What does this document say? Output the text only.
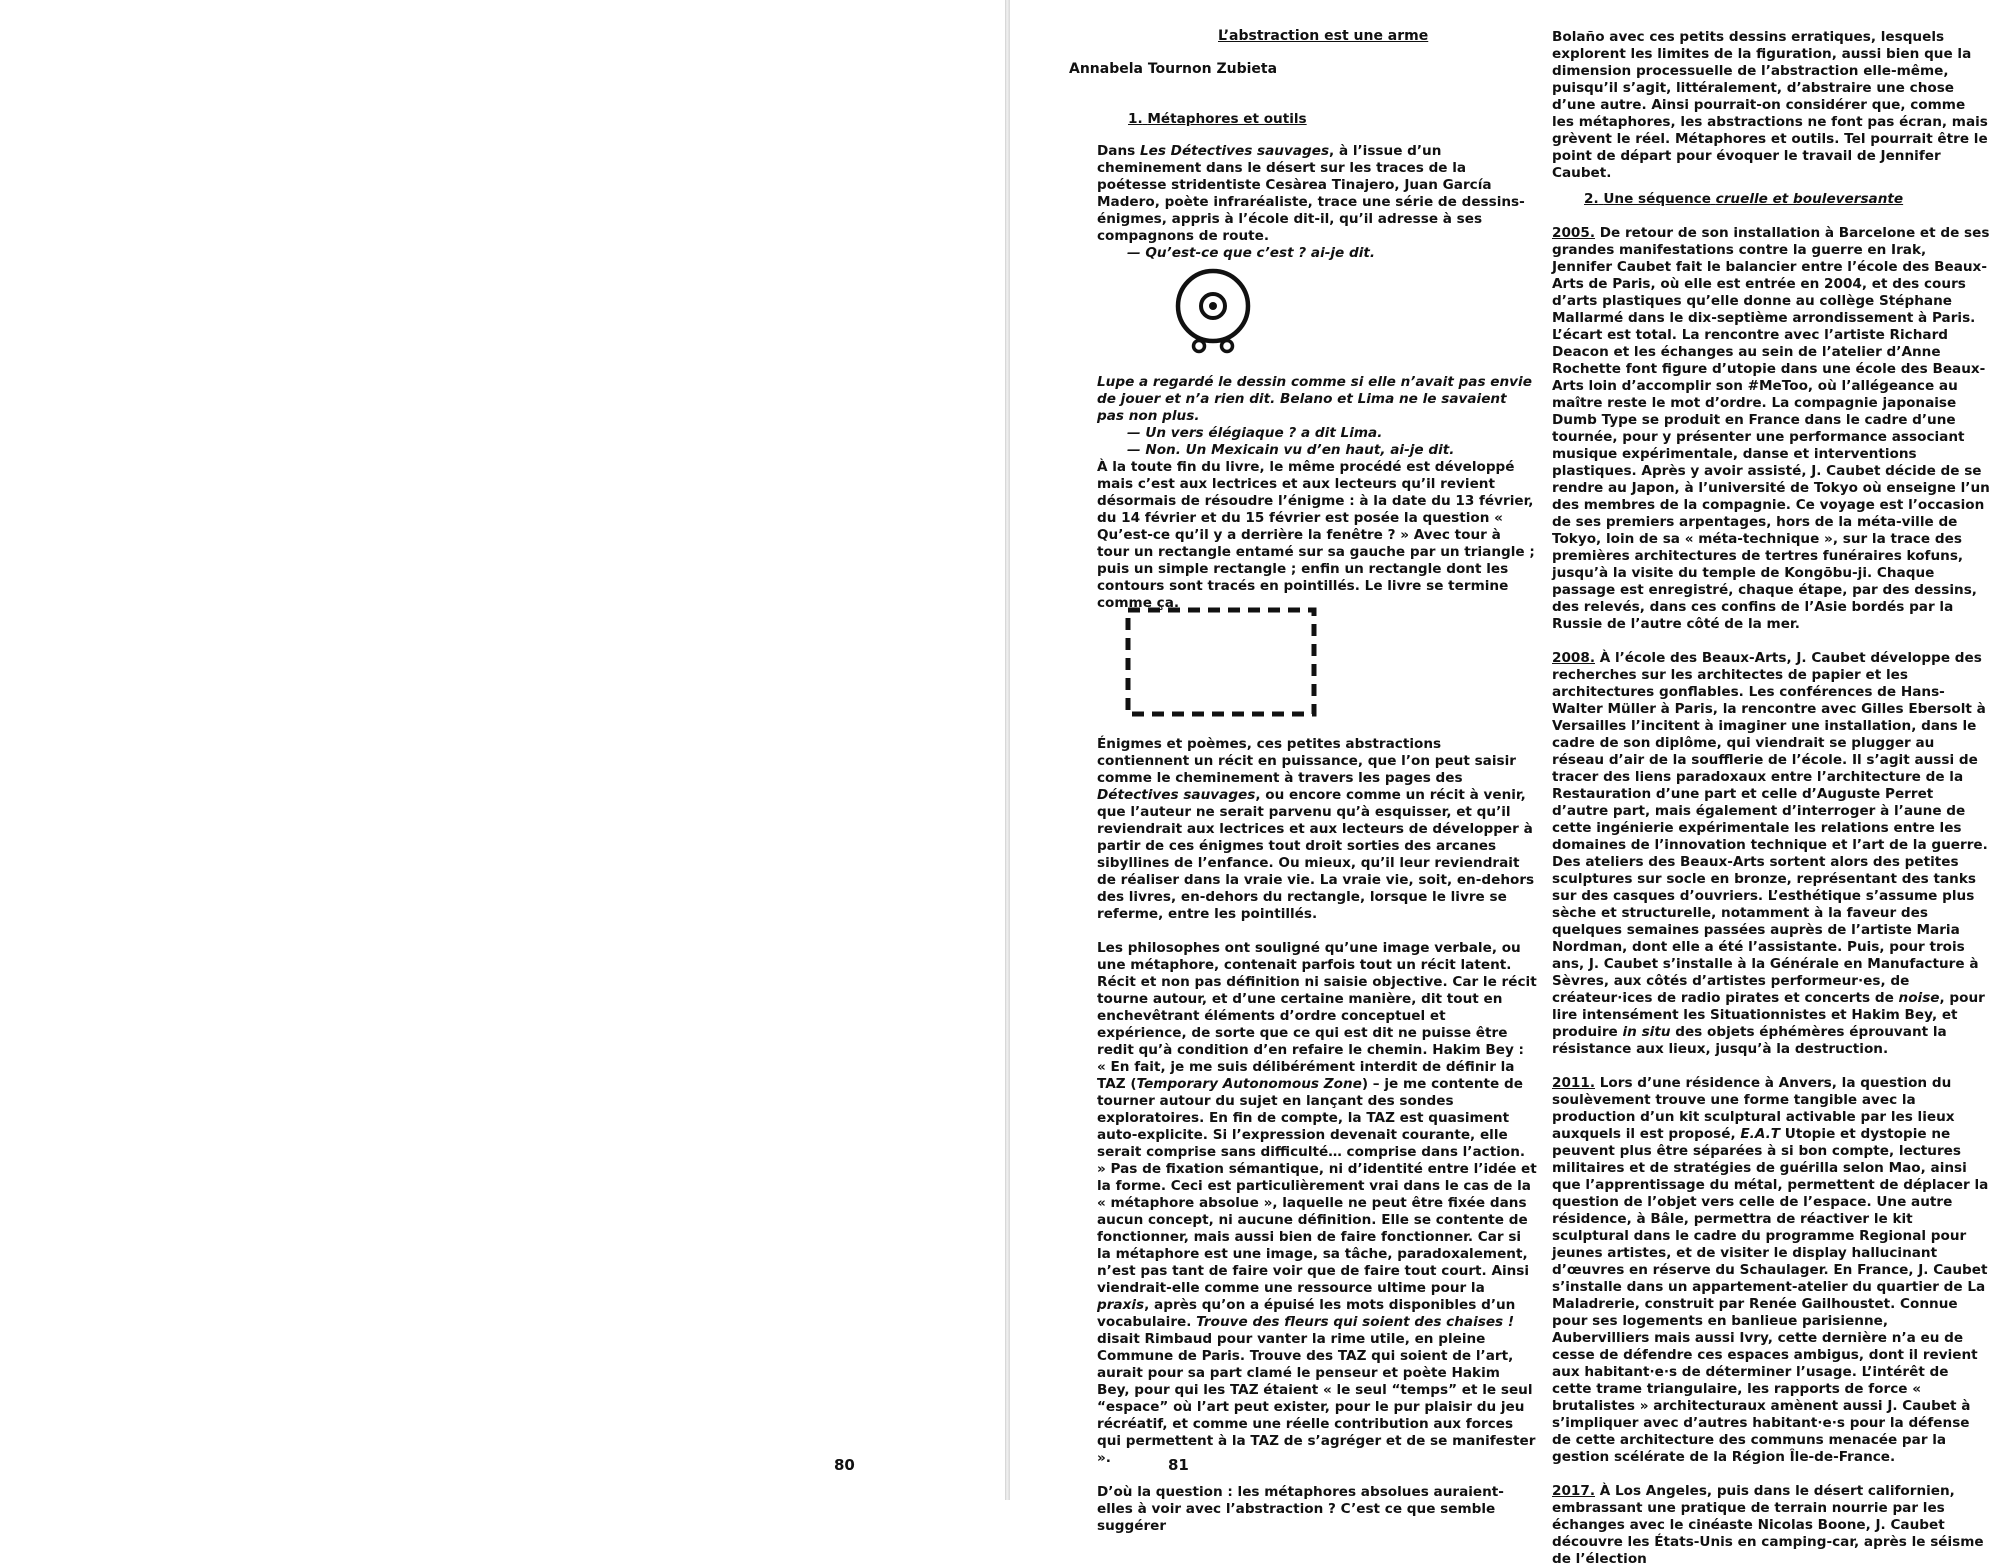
80	81
L’abstraction est une arme
Annabela Tournon Zubieta
1. Métaphores et outils

Dans Les Détectives sauvages, à l’issue d’un cheminement dans le désert sur les traces de la poétesse stridentiste Cesàrea Tinajero, Juan García Madero, poète infraréaliste, trace une série de dessins-énigmes, appris à l’école dit-il, qu’il adresse à ses compagnons de route.

— Qu’est-ce que c’est ? ai-je dit.

Lupe a regardé le dessin comme si elle n’avait pas envie de jouer et n’a rien dit. Belano et Lima ne le savaient pas non plus.

— Un vers élégiaque ? a dit Lima.

— Non. Un Mexicain vu d’en haut, ai-je dit.

À la toute fin du livre, le même procédé est développé mais c’est aux lectrices et aux lecteurs qu’il revient désormais de résoudre l’énigme : à la date du 13 février, du 14 février et du 15 février est posée la question « Qu’est-ce qu’il y a derrière la fenêtre ? » Avec tour à tour un rectangle entamé sur sa gauche par un triangle ; puis un simple rectangle ; enfin un rectangle dont les contours sont tracés en pointillés. Le livre se termine comme ça.

Énigmes et poèmes, ces petites abstractions contiennent un récit en puissance, que l’on peut saisir comme le cheminement à travers les pages des Détectives sauvages, ou encore comme un récit à venir, que l’auteur ne serait parvenu qu’à esquisser, et qu’il reviendrait aux lectrices et aux lecteurs de développer à partir de ces énigmes tout droit sorties des arcanes sibyllines de l’enfance. Ou mieux, qu’il leur reviendrait de réaliser dans la vraie vie. La vraie vie, soit, en-dehors des livres, en-dehors du rectangle, lorsque le livre se referme, entre les pointillés.

Les philosophes ont souligné qu’une image verbale, ou une métaphore, contenait parfois tout un récit latent. Récit et non pas définition ni saisie objective. Car le récit tourne autour, et d’une certaine manière, dit tout en enchevêtrant éléments d’ordre conceptuel et expérience, de sorte que ce qui est dit ne puisse être redit qu’à condition d’en refaire le chemin. Hakim Bey : « En fait, je me suis délibérément interdit de définir la TAZ (Temporary Autonomous Zone) – je me contente de tourner autour du sujet en lançant des sondes exploratoires. En fin de compte, la TAZ est quasiment auto-explicite. Si l’expression devenait courante, elle serait comprise sans difficulté… comprise dans l’action. » Pas de fixation sémantique, ni d’identité entre l’idée et la forme. Ceci est particulièrement vrai dans le cas de la « métaphore absolue », laquelle ne peut être fixée dans aucun concept, ni aucune définition. Elle se contente de fonctionner, mais aussi bien de faire fonctionner. Car si la métaphore est une image, sa tâche, paradoxalement, n’est pas tant de faire voir que de faire tout court. Ainsi viendrait-elle comme une ressource ultime pour la praxis, après qu’on a épuisé les mots disponibles d’un vocabulaire. Trouve des fleurs qui soient des chaises ! disait Rimbaud pour vanter la rime utile, en pleine Commune de Paris. Trouve des TAZ qui soient de l’art, aurait pour sa part clamé le penseur et poète Hakim Bey, pour qui les TAZ étaient « le seul “temps” et le seul “espace” où l’art peut exister, pour le pur plaisir du jeu récréatif, et comme une réelle contribution aux forces qui permettent à la TAZ de s’agréger et de se manifester ».

D’où la question : les métaphores absolues auraient-elles à voir avec l’abstraction ? C’est ce que semble suggérer

Bolaño avec ces petits dessins erratiques, lesquels explorent les limites de la figuration, aussi bien que la dimension processuelle de l’abstraction elle-même, puisqu’il s’agit, littéralement, d’abstraire une chose d’une autre. Ainsi pourrait-on considérer que, comme les métaphores, les abstractions ne font pas écran, mais grèvent le réel. Métaphores et outils. Tel pourrait être le point de départ pour évoquer le travail de Jennifer Caubet.

2. Une séquence cruelle et bouleversante

2005. De retour de son installation à Barcelone et de ses grandes manifestations contre la guerre en Irak, Jennifer Caubet fait le balancier entre l’école des Beaux-Arts de Paris, où elle est entrée en 2004, et des cours d’arts plastiques qu’elle donne au collège Stéphane Mallarmé dans le dix-septième arrondissement à Paris. L’écart est total. La rencontre avec l’artiste Richard Deacon et les échanges au sein de l’atelier d’Anne Rochette font figure d’utopie dans une école des Beaux-Arts loin d’accomplir son #MeToo, où l’allégeance au maître reste le mot d’ordre. La compagnie japonaise Dumb Type se produit en France dans le cadre d’une tournée, pour y présenter une performance associant musique expérimentale, danse et interventions plastiques. Après y avoir assisté, J. Caubet décide de se rendre au Japon, à l’université de Tokyo où enseigne l’un des membres de la compagnie. Ce voyage est l’occasion de ses premiers arpentages, hors de la méta-ville de Tokyo, loin de sa « méta-technique », sur la trace des premières architectures de tertres funéraires kofuns, jusqu’à la visite du temple de Kongōbu-ji. Chaque passage est enregistré, chaque étape, par des dessins, des relevés, dans ces confins de l’Asie bordés par la Russie de l’autre côté de la mer.

2008. À l’école des Beaux-Arts, J. Caubet développe des recherches sur les architectes de papier et les architectures gonflables. Les conférences de Hans-Walter Müller à Paris, la rencontre avec Gilles Ebersolt à Versailles l’incitent à imaginer une installation, dans le cadre de son diplôme, qui viendrait se plugger au réseau d’air de la soufflerie de l’école. Il s’agit aussi de tracer des liens paradoxaux entre l’architecture de la Restauration d’une part et celle d’Auguste Perret d’autre part, mais également d’interroger à l’aune de cette ingénierie expérimentale les relations entre les domaines de l’innovation technique et l’art de la guerre. Des ateliers des Beaux-Arts sortent alors des petites sculptures sur socle en bronze, représentant des tanks sur des casques d’ouvriers. L’esthétique s’assume plus sèche et structurelle, notamment à la faveur des quelques semaines passées auprès de l’artiste Maria Nordman, dont elle a été l’assistante. Puis, pour trois ans, J. Caubet s’installe à la Générale en Manufacture à Sèvres, aux côtés d’artistes performeur·es, de créateur·ices de radio pirates et concerts de noise, pour lire intensément les Situationnistes et Hakim Bey, et produire in situ des objets éphémères éprouvant la résistance aux lieux, jusqu’à la destruction.

2011. Lors d’une résidence à Anvers, la question du soulèvement trouve une forme tangible avec la production d’un kit sculptural activable par les lieux auxquels il est proposé, E.A.T Utopie et dystopie ne peuvent plus être séparées à si bon compte, lectures militaires et de stratégies de guérilla selon Mao, ainsi que l’apprentissage du métal, permettent de déplacer la question de l’objet vers celle de l’espace. Une autre résidence, à Bâle, permettra de réactiver le kit sculptural dans le cadre du programme Regional pour jeunes artistes, et de visiter le display hallucinant d’œuvres en réserve du Schaulager. En France, J. Caubet s’installe dans un appartement-atelier du quartier de La Maladrerie, construit par Renée Gailhoustet. Connue pour ses logements en banlieue parisienne, Aubervilliers mais aussi Ivry, cette dernière n’a eu de cesse de défendre ces espaces ambigus, dont il revient aux habitant·e·s de déterminer l’usage. L’intérêt de cette trame triangulaire, les rapports de force « brutalistes » architecturaux amènent aussi J. Caubet à s’impliquer avec d’autres habitant·e·s pour la défense de cette architecture des communs menacée par la gestion scélérate de la Région Île-de-France.

2017. À Los Angeles, puis dans le désert californien, embrassant une pratique de terrain nourrie par les échanges avec le cinéaste Nicolas Boone, J. Caubet découvre les États-Unis en camping-car, après le séisme de l’élection
